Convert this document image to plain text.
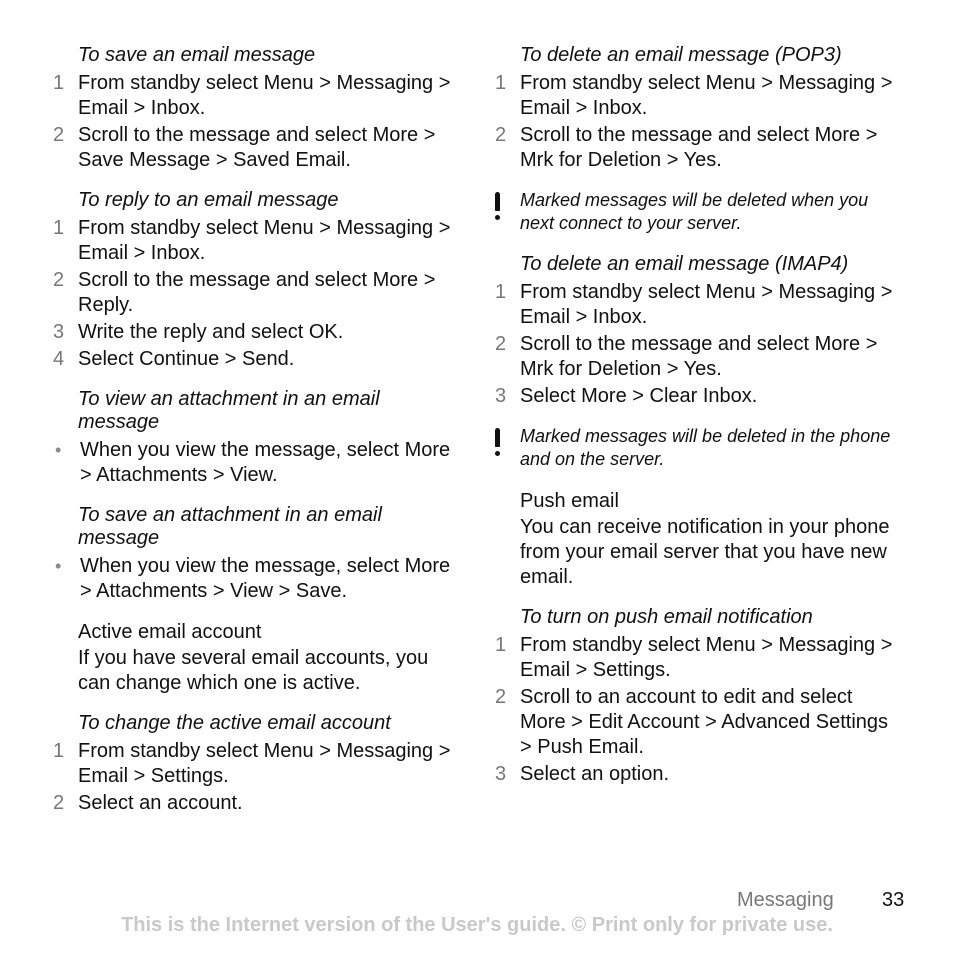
To save an email message
1 From standby select Menu > Messaging > Email > Inbox.
2 Scroll to the message and select More > Save Message > Saved Email.
To reply to an email message
1 From standby select Menu > Messaging > Email > Inbox.
2 Scroll to the message and select More > Reply.
3 Write the reply and select OK.
4 Select Continue > Send.
To view an attachment in an email message
• When you view the message, select More > Attachments > View.
To save an attachment in an email message
• When you view the message, select More > Attachments > View > Save.
Active email account

If you have several email accounts, you can change which one is active.

To change the active email account
1 From standby select Menu > Messaging > Email > Settings.
2 Select an account.
To delete an email message (POP3)
1 From standby select Menu > Messaging > Email > Inbox.
2 Scroll to the message and select More > Mrk for Deletion > Yes.
Marked messages will be deleted when you next connect to your server.
To delete an email message (IMAP4)
1 From standby select Menu > Messaging > Email > Inbox.
2 Scroll to the message and select More > Mrk for Deletion > Yes.
3 Select More > Clear Inbox.
Marked messages will be deleted in the phone and on the server.
Push email

You can receive notification in your phone from your email server that you have new email.

To turn on push email notification
1 From standby select Menu > Messaging > Email > Settings.
2 Scroll to an account to edit and select More > Edit Account > Advanced Settings > Push Email.
3 Select an option.
Messaging 33
This is the Internet version of the User's guide. © Print only for private use.
